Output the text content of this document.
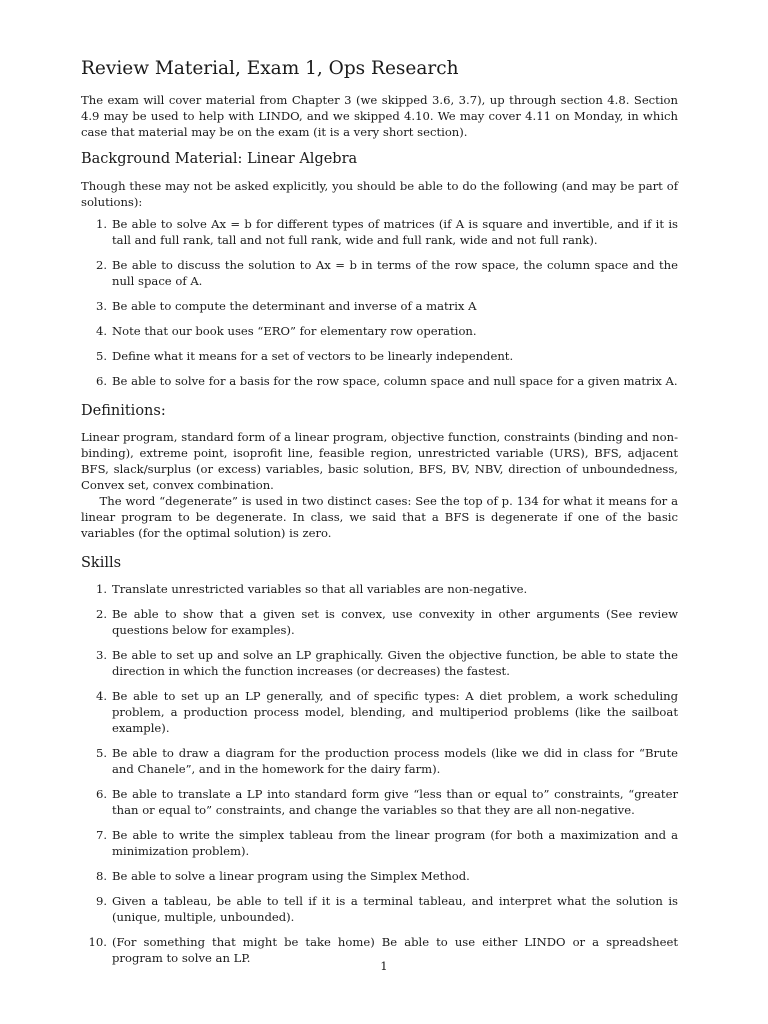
Review Material, Exam 1, Ops Research

The exam will cover material from Chapter 3 (we skipped 3.6, 3.7), up through section 4.8. Section 4.9 may be used to help with LINDO, and we skipped 4.10. We may cover 4.11 on Monday, in which case that material may be on the exam (it is a very short section).

Background Material: Linear Algebra

Though these may not be asked explicitly, you should be able to do the following (and may be part of solutions):

1. Be able to solve Ax = b for different types of matrices (if A is square and invertible, and if it is tall and full rank, tall and not full rank, wide and full rank, wide and not full rank).
2. Be able to discuss the solution to Ax = b in terms of the row space, the column space and the null space of A.
3. Be able to compute the determinant and inverse of a matrix A
4. Note that our book uses “ERO” for elementary row operation.
5. Define what it means for a set of vectors to be linearly independent.
6. Be able to solve for a basis for the row space, column space and null space for a given matrix A.
Definitions:

Linear program, standard form of a linear program, objective function, constraints (binding and non-binding), extreme point, isoprofit line, feasible region, unrestricted variable (URS), BFS, adjacent BFS, slack/surplus (or excess) variables, basic solution, BFS, BV, NBV, direction of unboundedness, Convex set, convex combination.

The word “degenerate” is used in two distinct cases: See the top of p. 134 for what it means for a linear program to be degenerate. In class, we said that a BFS is degenerate if one of the basic variables (for the optimal solution) is zero.

Skills
1. Translate unrestricted variables so that all variables are non-negative.
2. Be able to show that a given set is convex, use convexity in other arguments (See review questions below for examples).
3. Be able to set up and solve an LP graphically. Given the objective function, be able to state the direction in which the function increases (or decreases) the fastest.
4. Be able to set up an LP generally, and of specific types: A diet problem, a work scheduling problem, a production process model, blending, and multiperiod problems (like the sailboat example).
5. Be able to draw a diagram for the production process models (like we did in class for “Brute and Chanele”, and in the homework for the dairy farm).
6. Be able to translate a LP into standard form give “less than or equal to” constraints, “greater than or equal to” constraints, and change the variables so that they are all non-negative.
7. Be able to write the simplex tableau from the linear program (for both a maximization and a minimization problem).
8. Be able to solve a linear program using the Simplex Method.
9. Given a tableau, be able to tell if it is a terminal tableau, and interpret what the solution is (unique, multiple, unbounded).
10. (For something that might be take home) Be able to use either LINDO or a spreadsheet program to solve an LP.
1
